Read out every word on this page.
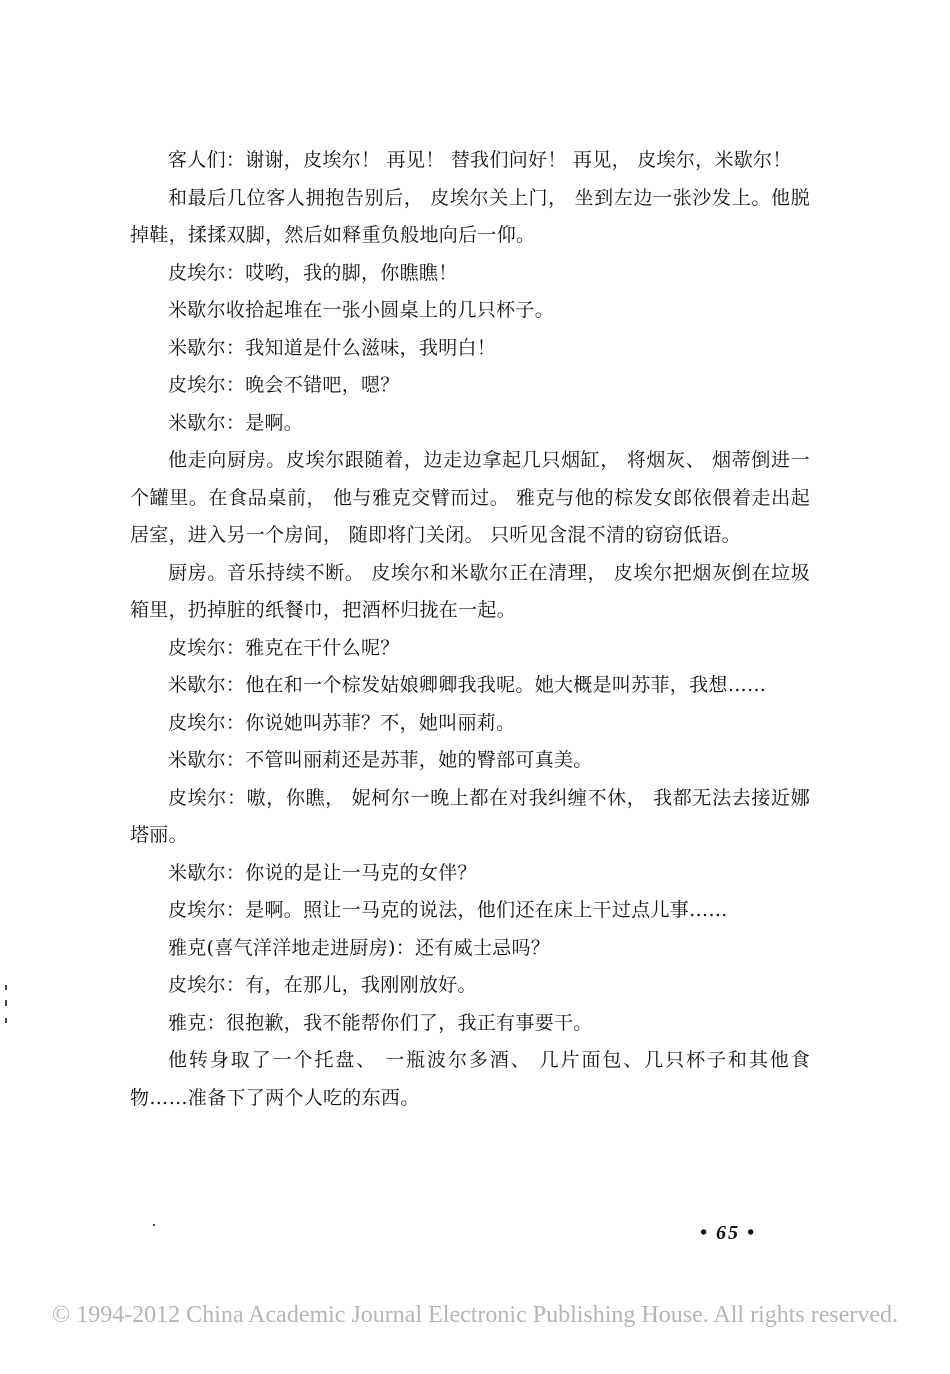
客人们：谢谢，皮埃尔！ 再见！ 替我们问好！ 再见， 皮埃尔，米歇尔！

和最后几位客人拥抱告别后， 皮埃尔关上门， 坐到左边一张沙发上。他脱掉鞋，揉揉双脚，然后如释重负般地向后一仰。

皮埃尔：哎哟，我的脚，你瞧瞧！

米歇尔收拾起堆在一张小圆桌上的几只杯子。

米歇尔：我知道是什么滋味，我明白！

皮埃尔：晚会不错吧，嗯？

米歇尔：是啊。

他走向厨房。皮埃尔跟随着，边走边拿起几只烟缸， 将烟灰、 烟蒂倒进一个罐里。在食品桌前， 他与雅克交臂而过。 雅克与他的棕发女郎依偎着走出起居室，进入另一个房间， 随即将门关闭。 只听见含混不清的窃窃低语。

厨房。音乐持续不断。 皮埃尔和米歇尔正在清理， 皮埃尔把烟灰倒在垃圾箱里，扔掉脏的纸餐巾，把酒杯归拢在一起。

皮埃尔：雅克在干什么呢？

米歇尔：他在和一个棕发姑娘卿卿我我呢。她大概是叫苏菲，我想……

皮埃尔：你说她叫苏菲？不，她叫丽莉。

米歇尔：不管叫丽莉还是苏菲，她的臀部可真美。

皮埃尔：嗷，你瞧， 妮柯尔一晚上都在对我纠缠不休， 我都无法去接近娜塔丽。

米歇尔：你说的是让一马克的女伴？

皮埃尔：是啊。照让一马克的说法，他们还在床上干过点儿事……

雅克(喜气洋洋地走进厨房)：还有威士忌吗？

皮埃尔：有，在那儿，我刚刚放好。

雅克：很抱歉，我不能帮你们了，我正有事要干。

他转身取了一个托盘、 一瓶波尔多酒、 几片面包、几只杯子和其他食物……准备下了两个人吃的东西。

• 65 •
© 1994-2012 China Academic Journal Electronic Publishing House. All rights reserved.
